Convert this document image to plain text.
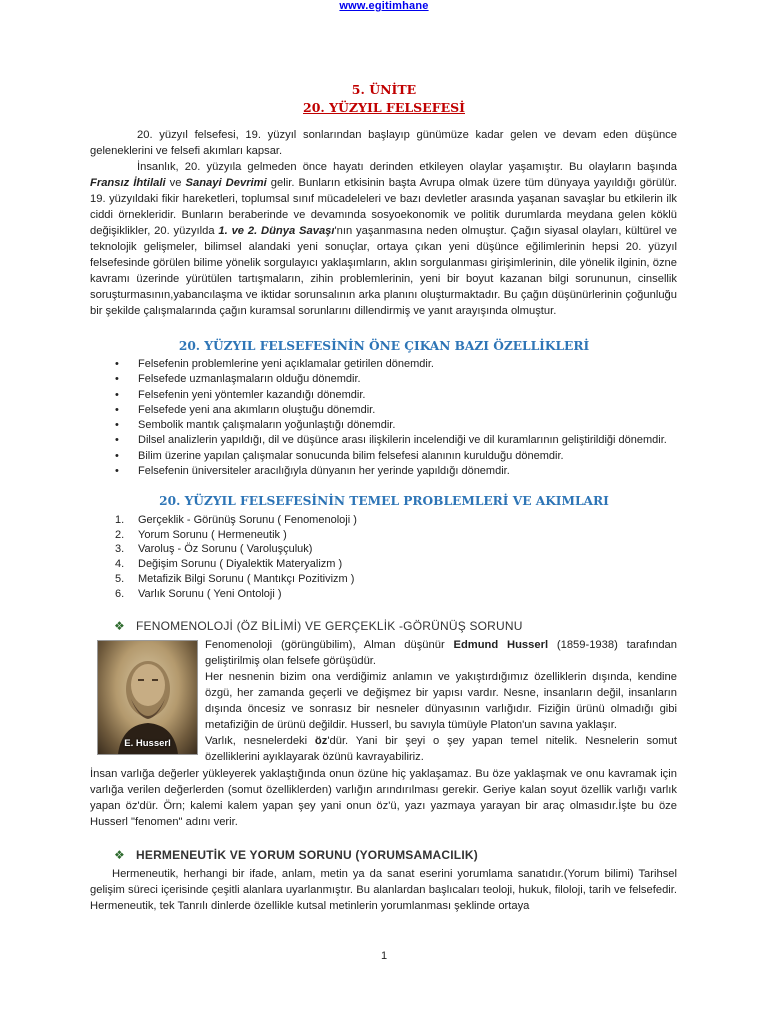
www.egitimhane
5. ÜNİTE
20. YÜZYIL FELSEFESİ

20. yüzyıl felsefesi, 19. yüzyıl sonlarından başlayıp günümüze kadar gelen ve devam eden düşünce geleneklerini ve felsefi akımları kapsar.

İnsanlık, 20. yüzyıla gelmeden önce hayatı derinden etkileyen olaylar yaşamıştır. Bu olayların başında Fransız İhtilali ve Sanayi Devrimi gelir. Bunların etkisinin başta Avrupa olmak üzere tüm dünyaya yayıldığı görülür. 19. yüzyıldaki fikir hareketleri, toplumsal sınıf mücadeleleri ve bazı devletler arasında yaşanan savaşlar bu etkilerin ilk ciddi örnekleridir. Bunların beraberinde ve devamında sosyoekonomik ve politik durumlarda meydana gelen köklü değişiklikler, 20. yüzyılda 1. ve 2. Dünya Savaşı'nın yaşanmasına neden olmuştur. Çağın siyasal olayları, kültürel ve teknolojik gelişmeler, bilimsel alandaki yeni sonuçlar, ortaya çıkan yeni düşünce eğilimlerinin hepsi 20. yüzyıl felsefesinde görülen bilime yönelik sorgulayıcı yaklaşımların, aklın sorgulanması girişimlerinin, dile yönelik ilginin, özne kavramı üzerinde yürütülen tartışmaların, zihin problemlerinin, yeni bir boyut kazanan bilgi sorununun, cinsellik soruşturmasının,yabancılaşma ve iktidar sorunsalının arka planını oluşturmaktadır. Bu çağın düşünürlerinin çoğunluğu bir şekilde çalışmalarında çağın kuramsal sorunlarını dillendirmiş ve yanıt arayışında olmuştur.

20. YÜZYIL FELSEFESİNİN ÖNE ÇIKAN BAZI ÖZELLİKLERİ
• Felsefenin problemlerine yeni açıklamalar getirilen dönemdir.
• Felsefede uzmanlaşmaların olduğu dönemdir.
• Felsefenin yeni yöntemler kazandığı dönemdir.
• Felsefede yeni ana akımların oluştuğu dönemdir.
• Sembolik mantık çalışmaların yoğunlaştığı dönemdir.
• Dilsel analizlerin yapıldığı, dil ve düşünce arası ilişkilerin incelendiği ve dil kuramlarının geliştirildiği dönemdir.
• Bilim üzerine yapılan çalışmalar sonucunda bilim felsefesi alanının kurulduğu dönemdir.
• Felsefenin üniversiteler aracılığıyla dünyanın her yerinde yapıldığı dönemdir.
20. YÜZYIL FELSEFESİNİN TEMEL PROBLEMLERİ VE AKIMLARI
1. Gerçeklik - Görünüş Sorunu ( Fenomenoloji )
2. Yorum Sorunu ( Hermeneutik )
3. Varoluş - Öz Sorunu ( Varoluşçuluk)
4. Değişim Sorunu ( Diyalektik Materyalizm )
5. Metafizik Bilgi Sorunu ( Mantıkçı Pozitivizm )
6. Varlık Sorunu ( Yeni Ontoloji )
❖ FENOMENOLOJİ (ÖZ BİLİMİ) VE GERÇEKLİK -GÖRÜNÜŞ SORUNU
E. Husserl

Fenomenoloji (görüngübilim), Alman düşünür Edmund Husserl (1859-1938) tarafından geliştirilmiş olan felsefe görüşüdür.

Her nesnenin bizim ona verdiğimiz anlamın ve yakıştırdığımız özelliklerin dışında, kendine özgü, her zamanda geçerli ve değişmez bir yapısı vardır. Nesne, insanların değil, insanların dışında öncesiz ve sonrasız bir nesneler dünyasının varlığıdır. Fiziğin ürünü olmadığı gibi metafiziğin de ürünü değildir. Husserl, bu savıyla tümüyle Platon'un savına yaklaşır.

Varlık, nesnelerdeki öz'dür. Yani bir şeyi o şey yapan temel nitelik. Nesnelerin somut özelliklerini ayıklayarak özünü kavrayabiliriz.

İnsan varlığa değerler yükleyerek yaklaştığında onun özüne hiç yaklaşamaz. Bu öze yaklaşmak ve onu kavramak için varlığa verilen değerlerden (somut özelliklerden) varlığın arındırılması gerekir. Geriye kalan soyut özellik varlığı varlık yapan öz'dür. Örn; kalemi kalem yapan şey yani onun öz'ü, yazı yazmaya yarayan bir araç olmasıdır.İşte bu öze Husserl "fenomen" adını verir.
❖ HERMENEUTİK VE YORUM SORUNU (YORUMSAMACILIK)

Hermeneutik, herhangi bir ifade, anlam, metin ya da sanat eserini yorumlama sanatıdır.(Yorum bilimi) Tarihsel gelişim süreci içerisinde çeşitli alanlara uyarlanmıştır. Bu alanlardan başlıcaları teoloji, hukuk, filoloji, tarih ve felsefedir. Hermeneutik, tek Tanrılı dinlerde özellikle kutsal metinlerin yorumlanması şeklinde ortaya

1
